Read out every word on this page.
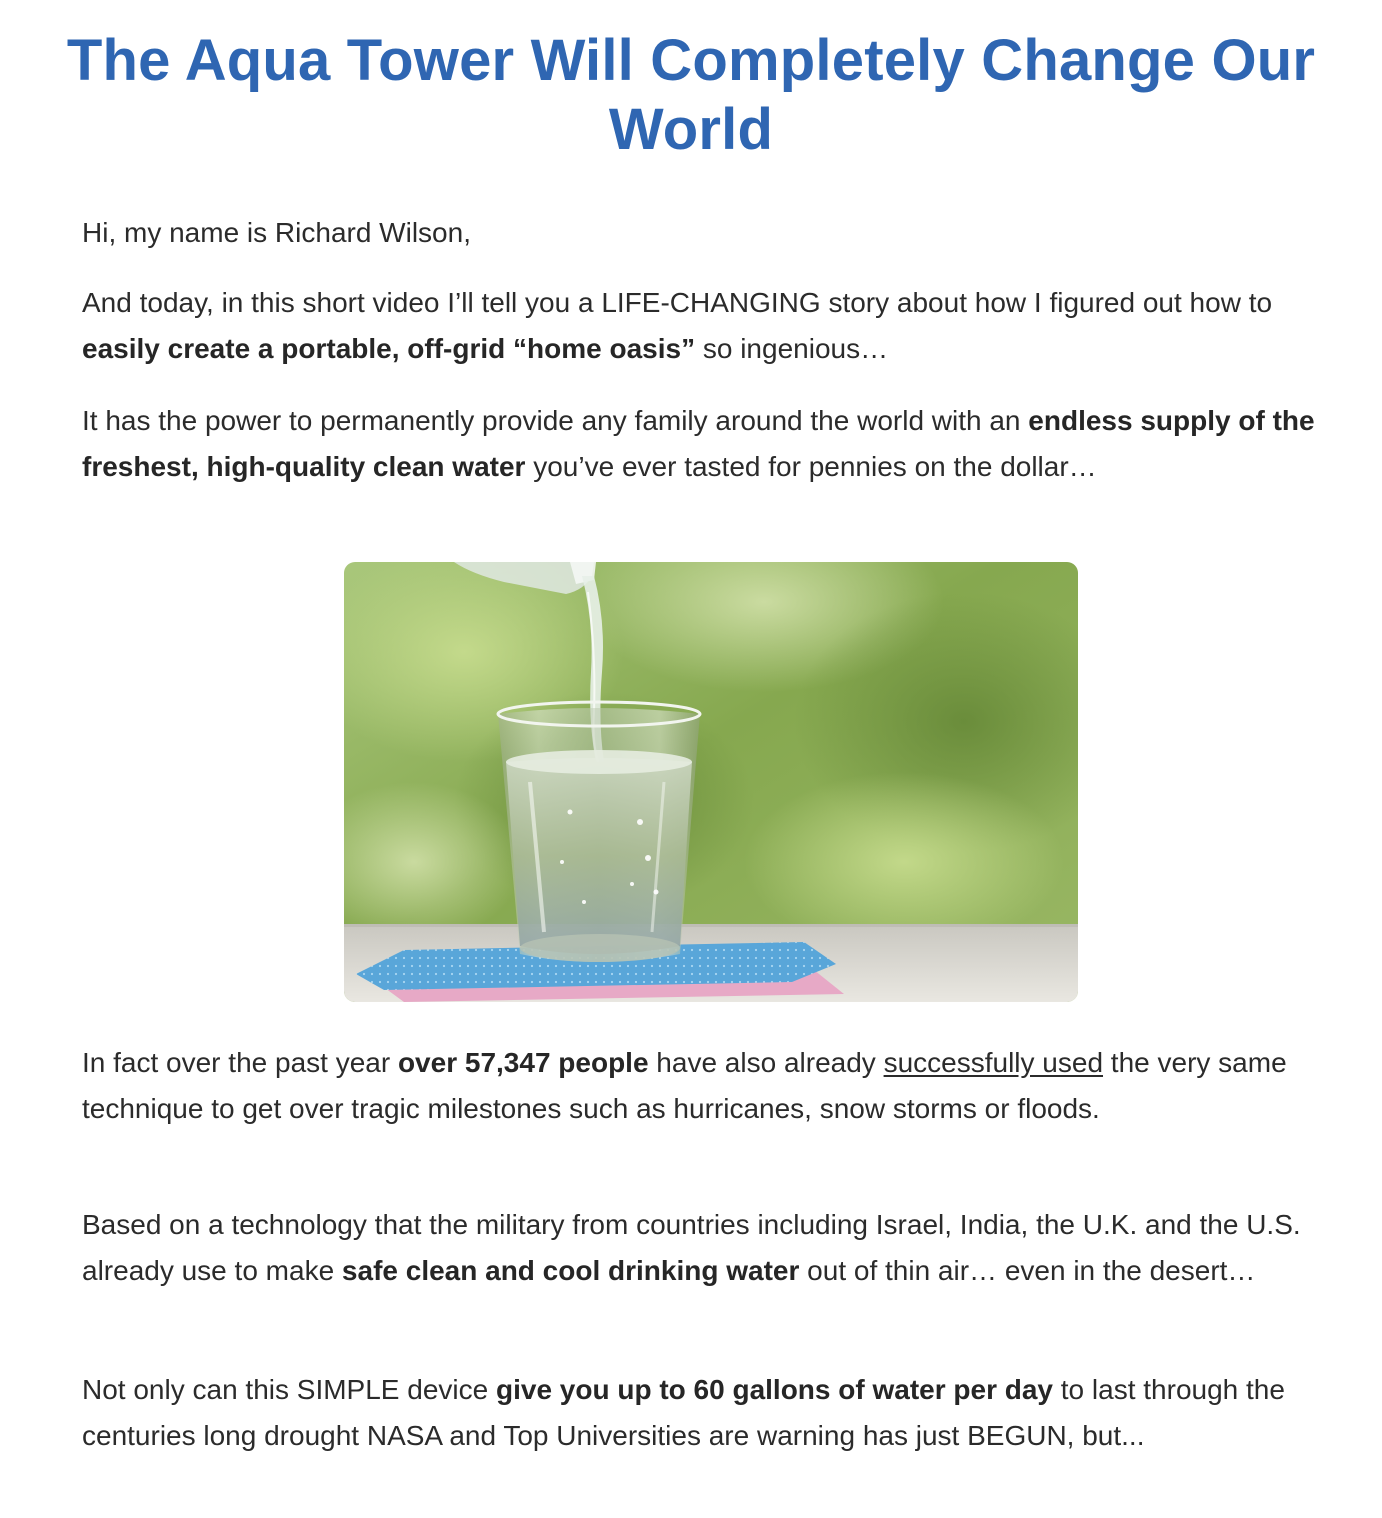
The Aqua Tower Will Completely Change Our World

Hi, my name is Richard Wilson,

And today, in this short video I’ll tell you a LIFE-CHANGING story about how I figured out how to easily create a portable, off-grid “home oasis” so ingenious…

It has the power to permanently provide any family around the world with an endless supply of the freshest, high-quality clean water you’ve ever tasted for pennies on the dollar…

In fact over the past year over 57,347 people have also already successfully used the very same technique to get over tragic milestones such as hurricanes, snow storms or floods.

Based on a technology that the military from countries including Israel, India, the U.K. and the U.S. already use to make safe clean and cool drinking water out of thin air… even in the desert…

Not only can this SIMPLE device give you up to 60 gallons of water per day to last through the centuries long drought NASA and Top Universities are warning has just BEGUN, but...
